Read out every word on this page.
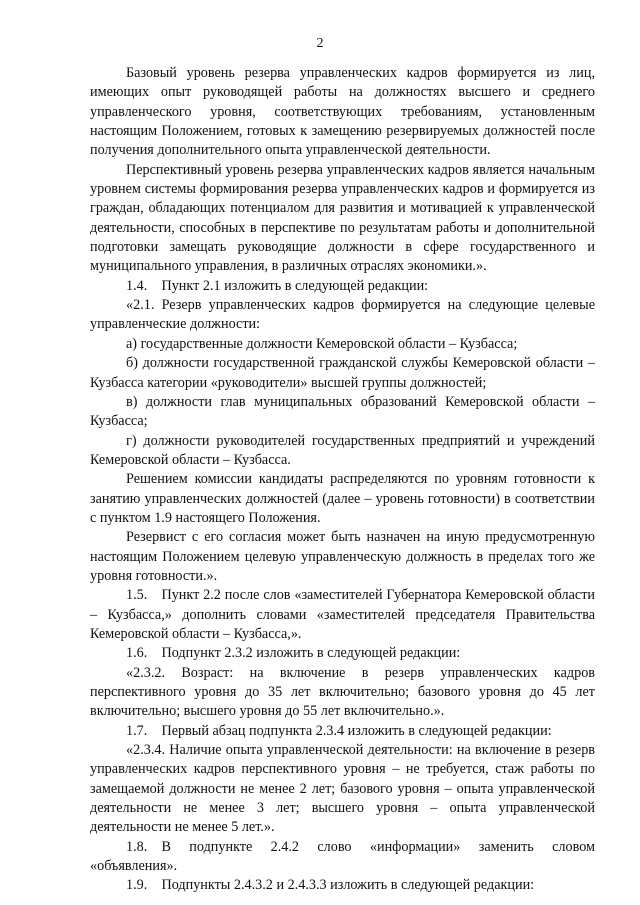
2

Базовый уровень резерва управленческих кадров формируется из лиц, имеющих опыт руководящей работы на должностях высшего и среднего управленческого уровня, соответствующих требованиям, установленным настоящим Положением, готовых к замещению резервируемых должностей после получения дополнительного опыта управленческой деятельности.

Перспективный уровень резерва управленческих кадров является начальным уровнем системы формирования резерва управленческих кадров и формируется из граждан, обладающих потенциалом для развития и мотивацией к управленческой деятельности, способных в перспективе по результатам работы и дополнительной подготовки замещать руководящие должности в сфере государственного и муниципального управления, в различных отраслях экономики.».

1.4. Пункт 2.1 изложить в следующей редакции:

«2.1. Резерв управленческих кадров формируется на следующие целевые управленческие должности:

а) государственные должности Кемеровской области – Кузбасса;

б) должности государственной гражданской службы Кемеровской области – Кузбасса категории «руководители» высшей группы должностей;

в) должности глав муниципальных образований Кемеровской области – Кузбасса;

г) должности руководителей государственных предприятий и учреждений Кемеровской области – Кузбасса.

Решением комиссии кандидаты распределяются по уровням готовности к занятию управленческих должностей (далее – уровень готовности) в соответствии с пунктом 1.9 настоящего Положения.

Резервист с его согласия может быть назначен на иную предусмотренную настоящим Положением целевую управленческую должность в пределах того же уровня готовности.».

1.5. Пункт 2.2 после слов «заместителей Губернатора Кемеровской области – Кузбасса,» дополнить словами «заместителей председателя Правительства Кемеровской области – Кузбасса,».

1.6. Подпункт 2.3.2 изложить в следующей редакции:

«2.3.2. Возраст: на включение в резерв управленческих кадров перспективного уровня до 35 лет включительно; базового уровня до 45 лет включительно; высшего уровня до 55 лет включительно.».

1.7. Первый абзац подпункта 2.3.4 изложить в следующей редакции:

«2.3.4. Наличие опыта управленческой деятельности: на включение в резерв управленческих кадров перспективного уровня – не требуется, стаж работы по замещаемой должности не менее 2 лет; базового уровня – опыта управленческой деятельности не менее 3 лет; высшего уровня – опыта управленческой деятельности не менее 5 лет.».

1.8. В подпункте 2.4.2 слово «информации» заменить словом «объявления».

1.9. Подпункты 2.4.3.2 и 2.4.3.3 изложить в следующей редакции:
